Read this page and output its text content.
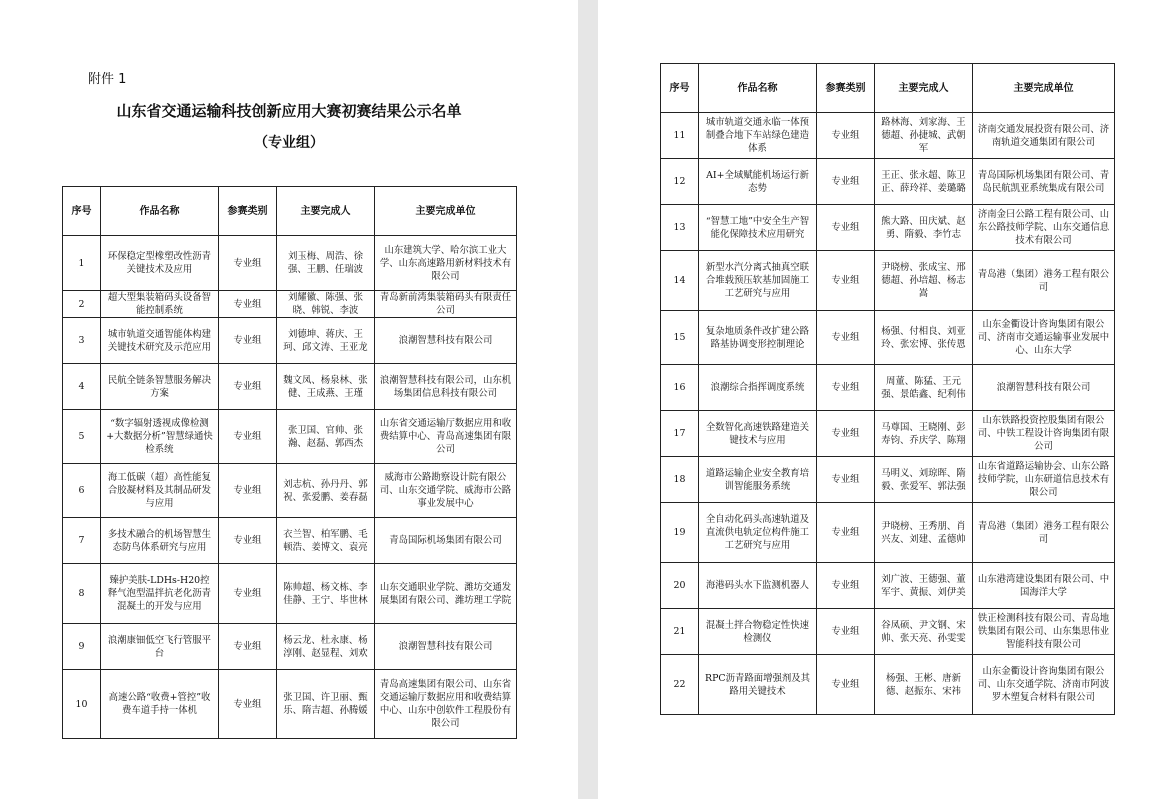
附件 1
山东省交通运输科技创新应用大赛初赛结果公示名单
（专业组）
序号	作品名称	参赛类别	主要完成人	主要完成单位
1	环保稳定型橡塑改性沥青关键技术及应用	专业组	刘玉梅、周浩、徐强、王鹏、任瑞波	山东建筑大学、哈尔滨工业大学、山东高速路用新材料技术有限公司
2	超大型集装箱码头设备智能控制系统	专业组	刘耀徽、陈强、张晓、韩锐、李波	青岛新前湾集装箱码头有限责任公司
3	城市轨道交通智能体构建关键技术研究及示范应用	专业组	刘德坤、蒋庆、王珂、邱文涛、王亚龙	浪潮智慧科技有限公司
4	民航全链条智慧服务解决方案	专业组	魏文凤、杨泉林、张健、王成燕、王瑾	浪潮智慧科技有限公司，山东机场集团信息科技有限公司
5	“数字辐射透视成像检测+大数据分析”智慧绿通快检系统	专业组	张卫国、官帅、张瀚、赵磊、郭西杰	山东省交通运输厅数据应用和收费结算中心、青岛高速集团有限公司
6	海工低碳（超）高性能复合胶凝材料及其制品研发与应用	专业组	刘志杭、孙丹丹、郭祝、张爱鹏、姜春磊	威海市公路勘察设计院有限公司、山东交通学院、威海市公路事业发展中心
7	多技术融合的机场智慧生态防鸟体系研究与应用	专业组	衣兰智、柏军鹏、毛顿浩、姜博文、袁亮	青岛国际机场集团有限公司
8	臻护美肤-LDHs-H20控释气泡型温拌抗老化沥青混凝土的开发与应用	专业组	陈帅超、杨文栋、李佳静、王宁、毕世林	山东交通职业学院、潍坊交通发展集团有限公司、潍坊理工学院
9	浪潮康钿低空飞行管服平台	专业组	杨云龙、杜永康、杨淳刚、赵显程、刘欢	浪潮智慧科技有限公司
10	高速公路“收费+管控”收费车道手持一体机	专业组	张卫国、许卫丽、甄乐、隋吉超、孙腾媛	青岛高速集团有限公司、山东省交通运输厅数据应用和收费结算中心、山东中创软件工程股份有限公司
序号	作品名称	参赛类别	主要完成人	主要完成单位
11	城市轨道交通永临一体预制叠合地下车站绿色建造体系	专业组	路林海、刘家海、王德超、孙捷城、武朝军	济南交通发展投资有限公司、济南轨道交通集团有限公司
12	AI+全域赋能机场运行新态势	专业组	王正、张永超、陈卫正、薛玲祥、姜璐璐	青岛国际机场集团有限公司、青岛民航凯亚系统集成有限公司
13	“智慧工地”中安全生产智能化保障技术应用研究	专业组	熊大路、田庆斌、赵勇、隋毅、李竹志	济南金曰公路工程有限公司、山东公路技师学院、山东交通信息技术有限公司
14	新型水汽分离式抽真空联合堆载预压软基加固施工工艺研究与应用	专业组	尹晓榜、张成宝、邢德超、孙培超、杨志嵩	青岛港（集团）港务工程有限公司
15	复杂地质条件改扩建公路路基协调变形控制理论	专业组	杨强、付相良、刘亚玲、张宏博、张传恩	山东金衢设计咨询集团有限公司、济南市交通运输事业发展中心、山东大学
16	浪潮综合指挥调度系统	专业组	周董、陈猛、王元强、景皓鑫、纪利伟	浪潮智慧科技有限公司
17	全数智化高速铁路建造关键技术与应用	专业组	马尊国、王晓刚、彭寿钧、乔庆学、陈翔	山东铁路投资控股集团有限公司、中铁工程设计咨询集团有限公司
18	道路运输企业安全教育培训智能服务系统	专业组	马明义、刘琼晖、隋毅、张爱军、郭法强	山东省道路运输协会、山东公路技师学院，山东研道信息技术有限公司
19	全自动化码头高速轨道及直流供电轨定位构件施工工艺研究与应用	专业组	尹晓榜、王秀朋、肖兴友、刘建、孟德帅	青岛港（集团）港务工程有限公司
20	海港码头水下监测机器人	专业组	刘广波、王德强、董军宇、黄振、刘伊美	山东港湾建设集团有限公司、中国海洋大学
21	混凝土拌合物稳定性快速检测仪	专业组	谷凤硕、尹文钢、宋帅、张天亮、孙雯雯	铁正检测科技有限公司、青岛地铁集团有限公司、山东集思伟业智能科技有限公司
22	RPC沥青路面增强剂及其路用关键技术	专业组	杨强、王彬、唐新德、赵振东、宋祎	山东金衢设计咨询集团有限公司、山东交通学院、济南市阿波罗木塑复合材料有限公司
